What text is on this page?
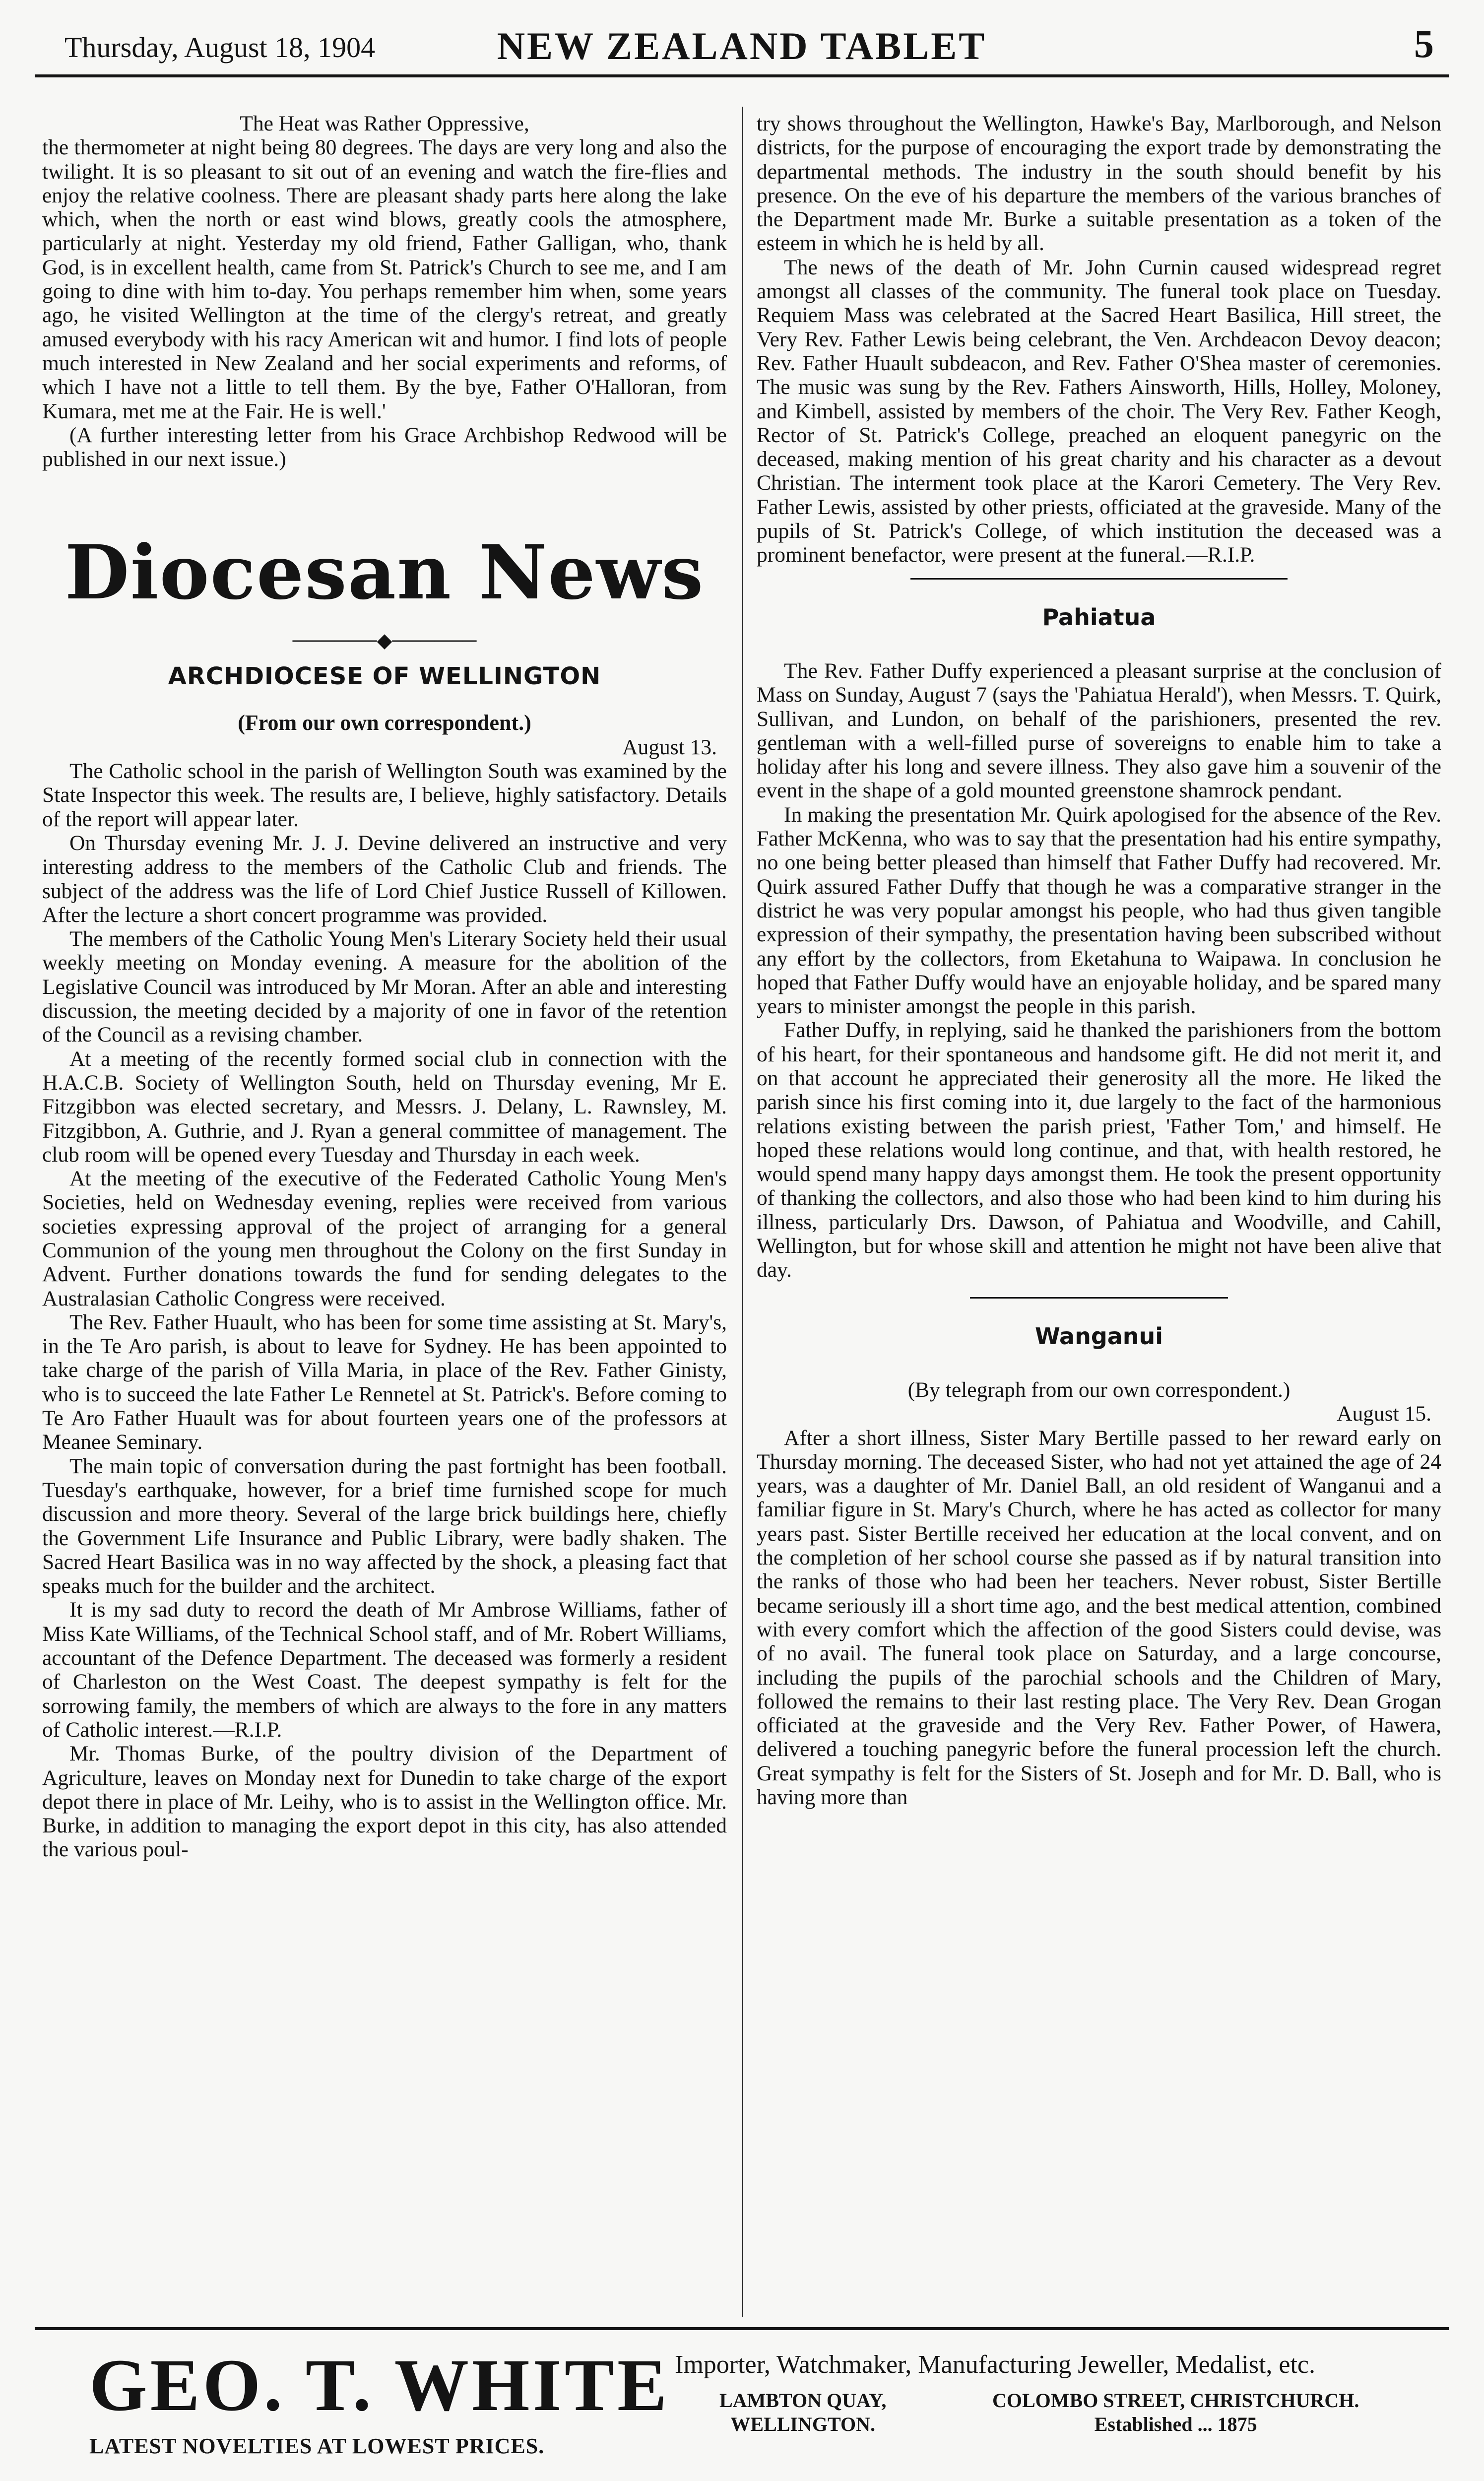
Thursday, August 18, 1904	NEW ZEALAND TABLET	5

The Heat was Rather Oppressive,

the thermometer at night being 80 degrees. The days are very long and also the twilight. It is so pleasant to sit out of an evening and watch the fire-flies and enjoy the relative coolness. There are pleasant shady parts here along the lake which, when the north or east wind blows, greatly cools the atmosphere, particularly at night. Yesterday my old friend, Father Galligan, who, thank God, is in excellent health, came from St. Patrick's Church to see me, and I am going to dine with him to-day. You perhaps remember him when, some years ago, he visited Wellington at the time of the clergy's retreat, and greatly amused everybody with his racy American wit and humor. I find lots of people much interested in New Zealand and her social experiments and reforms, of which I have not a little to tell them. By the bye, Father O'Halloran, from Kumara, met me at the Fair. He is well.'

(A further interesting letter from his Grace Archbishop Redwood will be published in our next issue.)

Diocesan News
──────◆──────
ARCHDIOCESE OF WELLINGTON
(From our own correspondent.)
August 13.

The Catholic school in the parish of Wellington South was examined by the State Inspector this week. The results are, I believe, highly satisfactory. Details of the report will appear later.

On Thursday evening Mr. J. J. Devine delivered an instructive and very interesting address to the members of the Catholic Club and friends. The subject of the address was the life of Lord Chief Justice Russell of Killowen. After the lecture a short concert programme was provided.

The members of the Catholic Young Men's Literary Society held their usual weekly meeting on Monday evening. A measure for the abolition of the Legislative Council was introduced by Mr Moran. After an able and interesting discussion, the meeting decided by a majority of one in favor of the retention of the Council as a revising chamber.

At a meeting of the recently formed social club in connection with the H.A.C.B. Society of Wellington South, held on Thursday evening, Mr E. Fitzgibbon was elected secretary, and Messrs. J. Delany, L. Rawnsley, M. Fitzgibbon, A. Guthrie, and J. Ryan a general committee of management. The club room will be opened every Tuesday and Thursday in each week.

At the meeting of the executive of the Federated Catholic Young Men's Societies, held on Wednesday evening, replies were received from various societies expressing approval of the project of arranging for a general Communion of the young men throughout the Colony on the first Sunday in Advent. Further donations towards the fund for sending delegates to the Australasian Catholic Congress were received.

The Rev. Father Huault, who has been for some time assisting at St. Mary's, in the Te Aro parish, is about to leave for Sydney. He has been appointed to take charge of the parish of Villa Maria, in place of the Rev. Father Ginisty, who is to succeed the late Father Le Rennetel at St. Patrick's. Before coming to Te Aro Father Huault was for about fourteen years one of the professors at Meanee Seminary.

The main topic of conversation during the past fortnight has been football. Tuesday's earthquake, however, for a brief time furnished scope for much discussion and more theory. Several of the large brick buildings here, chiefly the Government Life Insurance and Public Library, were badly shaken. The Sacred Heart Basilica was in no way affected by the shock, a pleasing fact that speaks much for the builder and the architect.

It is my sad duty to record the death of Mr Ambrose Williams, father of Miss Kate Williams, of the Technical School staff, and of Mr. Robert Williams, accountant of the Defence Department. The deceased was formerly a resident of Charleston on the West Coast. The deepest sympathy is felt for the sorrowing family, the members of which are always to the fore in any matters of Catholic interest.—R.I.P.

Mr. Thomas Burke, of the poultry division of the Department of Agriculture, leaves on Monday next for Dunedin to take charge of the export depot there in place of Mr. Leihy, who is to assist in the Wellington office. Mr. Burke, in addition to managing the export depot in this city, has also attended the various poul-

try shows throughout the Wellington, Hawke's Bay, Marlborough, and Nelson districts, for the purpose of encouraging the export trade by demonstrating the departmental methods. The industry in the south should benefit by his presence. On the eve of his departure the members of the various branches of the Department made Mr. Burke a suitable presentation as a token of the esteem in which he is held by all.

The news of the death of Mr. John Curnin caused widespread regret amongst all classes of the community. The funeral took place on Tuesday. Requiem Mass was celebrated at the Sacred Heart Basilica, Hill street, the Very Rev. Father Lewis being celebrant, the Ven. Archdeacon Devoy deacon; Rev. Father Huault subdeacon, and Rev. Father O'Shea master of ceremonies. The music was sung by the Rev. Fathers Ainsworth, Hills, Holley, Moloney, and Kimbell, assisted by members of the choir. The Very Rev. Father Keogh, Rector of St. Patrick's College, preached an eloquent panegyric on the deceased, making mention of his great charity and his character as a devout Christian. The interment took place at the Karori Cemetery. The Very Rev. Father Lewis, assisted by other priests, officiated at the graveside. Many of the pupils of St. Patrick's College, of which institution the deceased was a prominent benefactor, were present at the funeral.—R.I.P.

Pahiatua

The Rev. Father Duffy experienced a pleasant surprise at the conclusion of Mass on Sunday, August 7 (says the 'Pahiatua Herald'), when Messrs. T. Quirk, Sullivan, and Lundon, on behalf of the parishioners, presented the rev. gentleman with a well-filled purse of sovereigns to enable him to take a holiday after his long and severe illness. They also gave him a souvenir of the event in the shape of a gold mounted greenstone shamrock pendant.

In making the presentation Mr. Quirk apologised for the absence of the Rev. Father McKenna, who was to say that the presentation had his entire sympathy, no one being better pleased than himself that Father Duffy had recovered. Mr. Quirk assured Father Duffy that though he was a comparative stranger in the district he was very popular amongst his people, who had thus given tangible expression of their sympathy, the presentation having been subscribed without any effort by the collectors, from Eketahuna to Waipawa. In conclusion he hoped that Father Duffy would have an enjoyable holiday, and be spared many years to minister amongst the people in this parish.

Father Duffy, in replying, said he thanked the parishioners from the bottom of his heart, for their spontaneous and handsome gift. He did not merit it, and on that account he appreciated their generosity all the more. He liked the parish since his first coming into it, due largely to the fact of the harmonious relations existing between the parish priest, 'Father Tom,' and himself. He hoped these relations would long continue, and that, with health restored, he would spend many happy days amongst them. He took the present opportunity of thanking the collectors, and also those who had been kind to him during his illness, particularly Drs. Dawson, of Pahiatua and Woodville, and Cahill, Wellington, but for whose skill and attention he might not have been alive that day.

Wanganui
(By telegraph from our own correspondent.)
August 15.

After a short illness, Sister Mary Bertille passed to her reward early on Thursday morning. The deceased Sister, who had not yet attained the age of 24 years, was a daughter of Mr. Daniel Ball, an old resident of Wanganui and a familiar figure in St. Mary's Church, where he has acted as collector for many years past. Sister Bertille received her education at the local convent, and on the completion of her school course she passed as if by natural transition into the ranks of those who had been her teachers. Never robust, Sister Bertille became seriously ill a short time ago, and the best medical attention, combined with every comfort which the affection of the good Sisters could devise, was of no avail. The funeral took place on Saturday, and a large concourse, including the pupils of the parochial schools and the Children of Mary, followed the remains to their last resting place. The Very Rev. Dean Grogan officiated at the graveside and the Very Rev. Father Power, of Hawera, delivered a touching panegyric before the funeral procession left the church. Great sympathy is felt for the Sisters of St. Joseph and for Mr. D. Ball, who is having more than

GEO. T. WHITE
LATEST NOVELTIES AT LOWEST PRICES.
Importer, Watchmaker, Manufacturing Jeweller, Medalist, etc.
LAMBTON QUAY,
WELLINGTON.
COLOMBO STREET, CHRISTCHURCH.
Established ... 1875
